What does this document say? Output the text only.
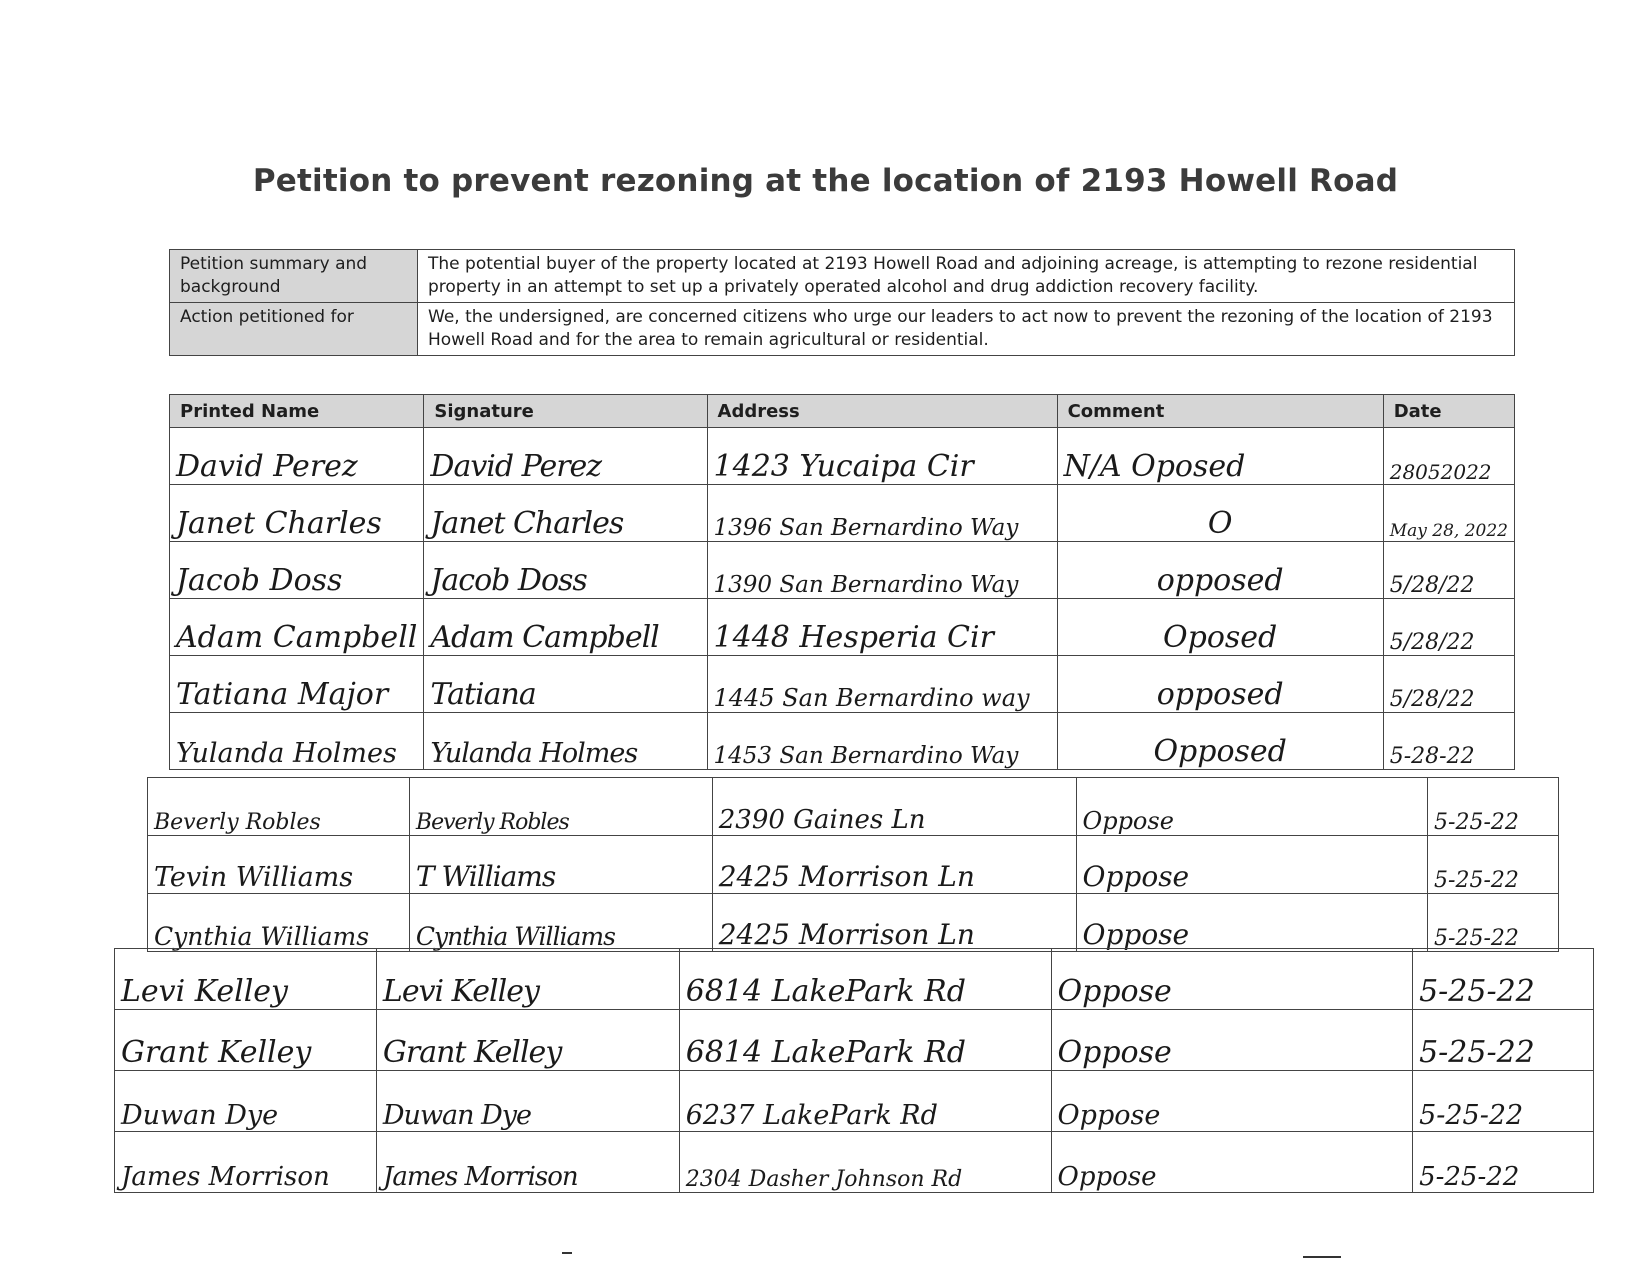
Petition to prevent rezoning at the location of 2193 Howell Road
Petition summary and background	The potential buyer of the property located at 2193 Howell Road and adjoining acreage, is attempting to rezone residential property in an attempt to set up a privately operated alcohol and drug addiction recovery facility.
Action petitioned for	We, the undersigned, are concerned citizens who urge our leaders to act now to prevent the rezoning of the location of 2193 Howell Road and for the area to remain agricultural or residential.
Printed Name	Signature	Address	Comment	Date
David Perez	David Perez	1423 Yucaipa Cir	N/A Oposed	28052022
Janet Charles	Janet Charles	1396 San Bernardino Way	O	May 28, 2022
Jacob Doss	Jacob Doss	1390 San Bernardino Way	opposed	5/28/22
Adam Campbell	Adam Campbell	1448 Hesperia Cir	Oposed	5/28/22
Tatiana Major	Tatiana	1445 San Bernardino way	opposed	5/28/22
Yulanda Holmes	Yulanda Holmes	1453 San Bernardino Way	Opposed	5-28-22
Beverly Robles	Beverly Robles	2390 Gaines Ln	Oppose	5-25-22
Tevin Williams	T Williams	2425 Morrison Ln	Oppose	5-25-22
Cynthia Williams	Cynthia Williams	2425 Morrison Ln	Oppose	5-25-22
Levi Kelley	Levi Kelley	6814 LakePark Rd	Oppose	5-25-22
Grant Kelley	Grant Kelley	6814 LakePark Rd	Oppose	5-25-22
Duwan Dye	Duwan Dye	6237 LakePark Rd	Oppose	5-25-22
James Morrison	James Morrison	2304 Dasher Johnson Rd	Oppose	5-25-22
